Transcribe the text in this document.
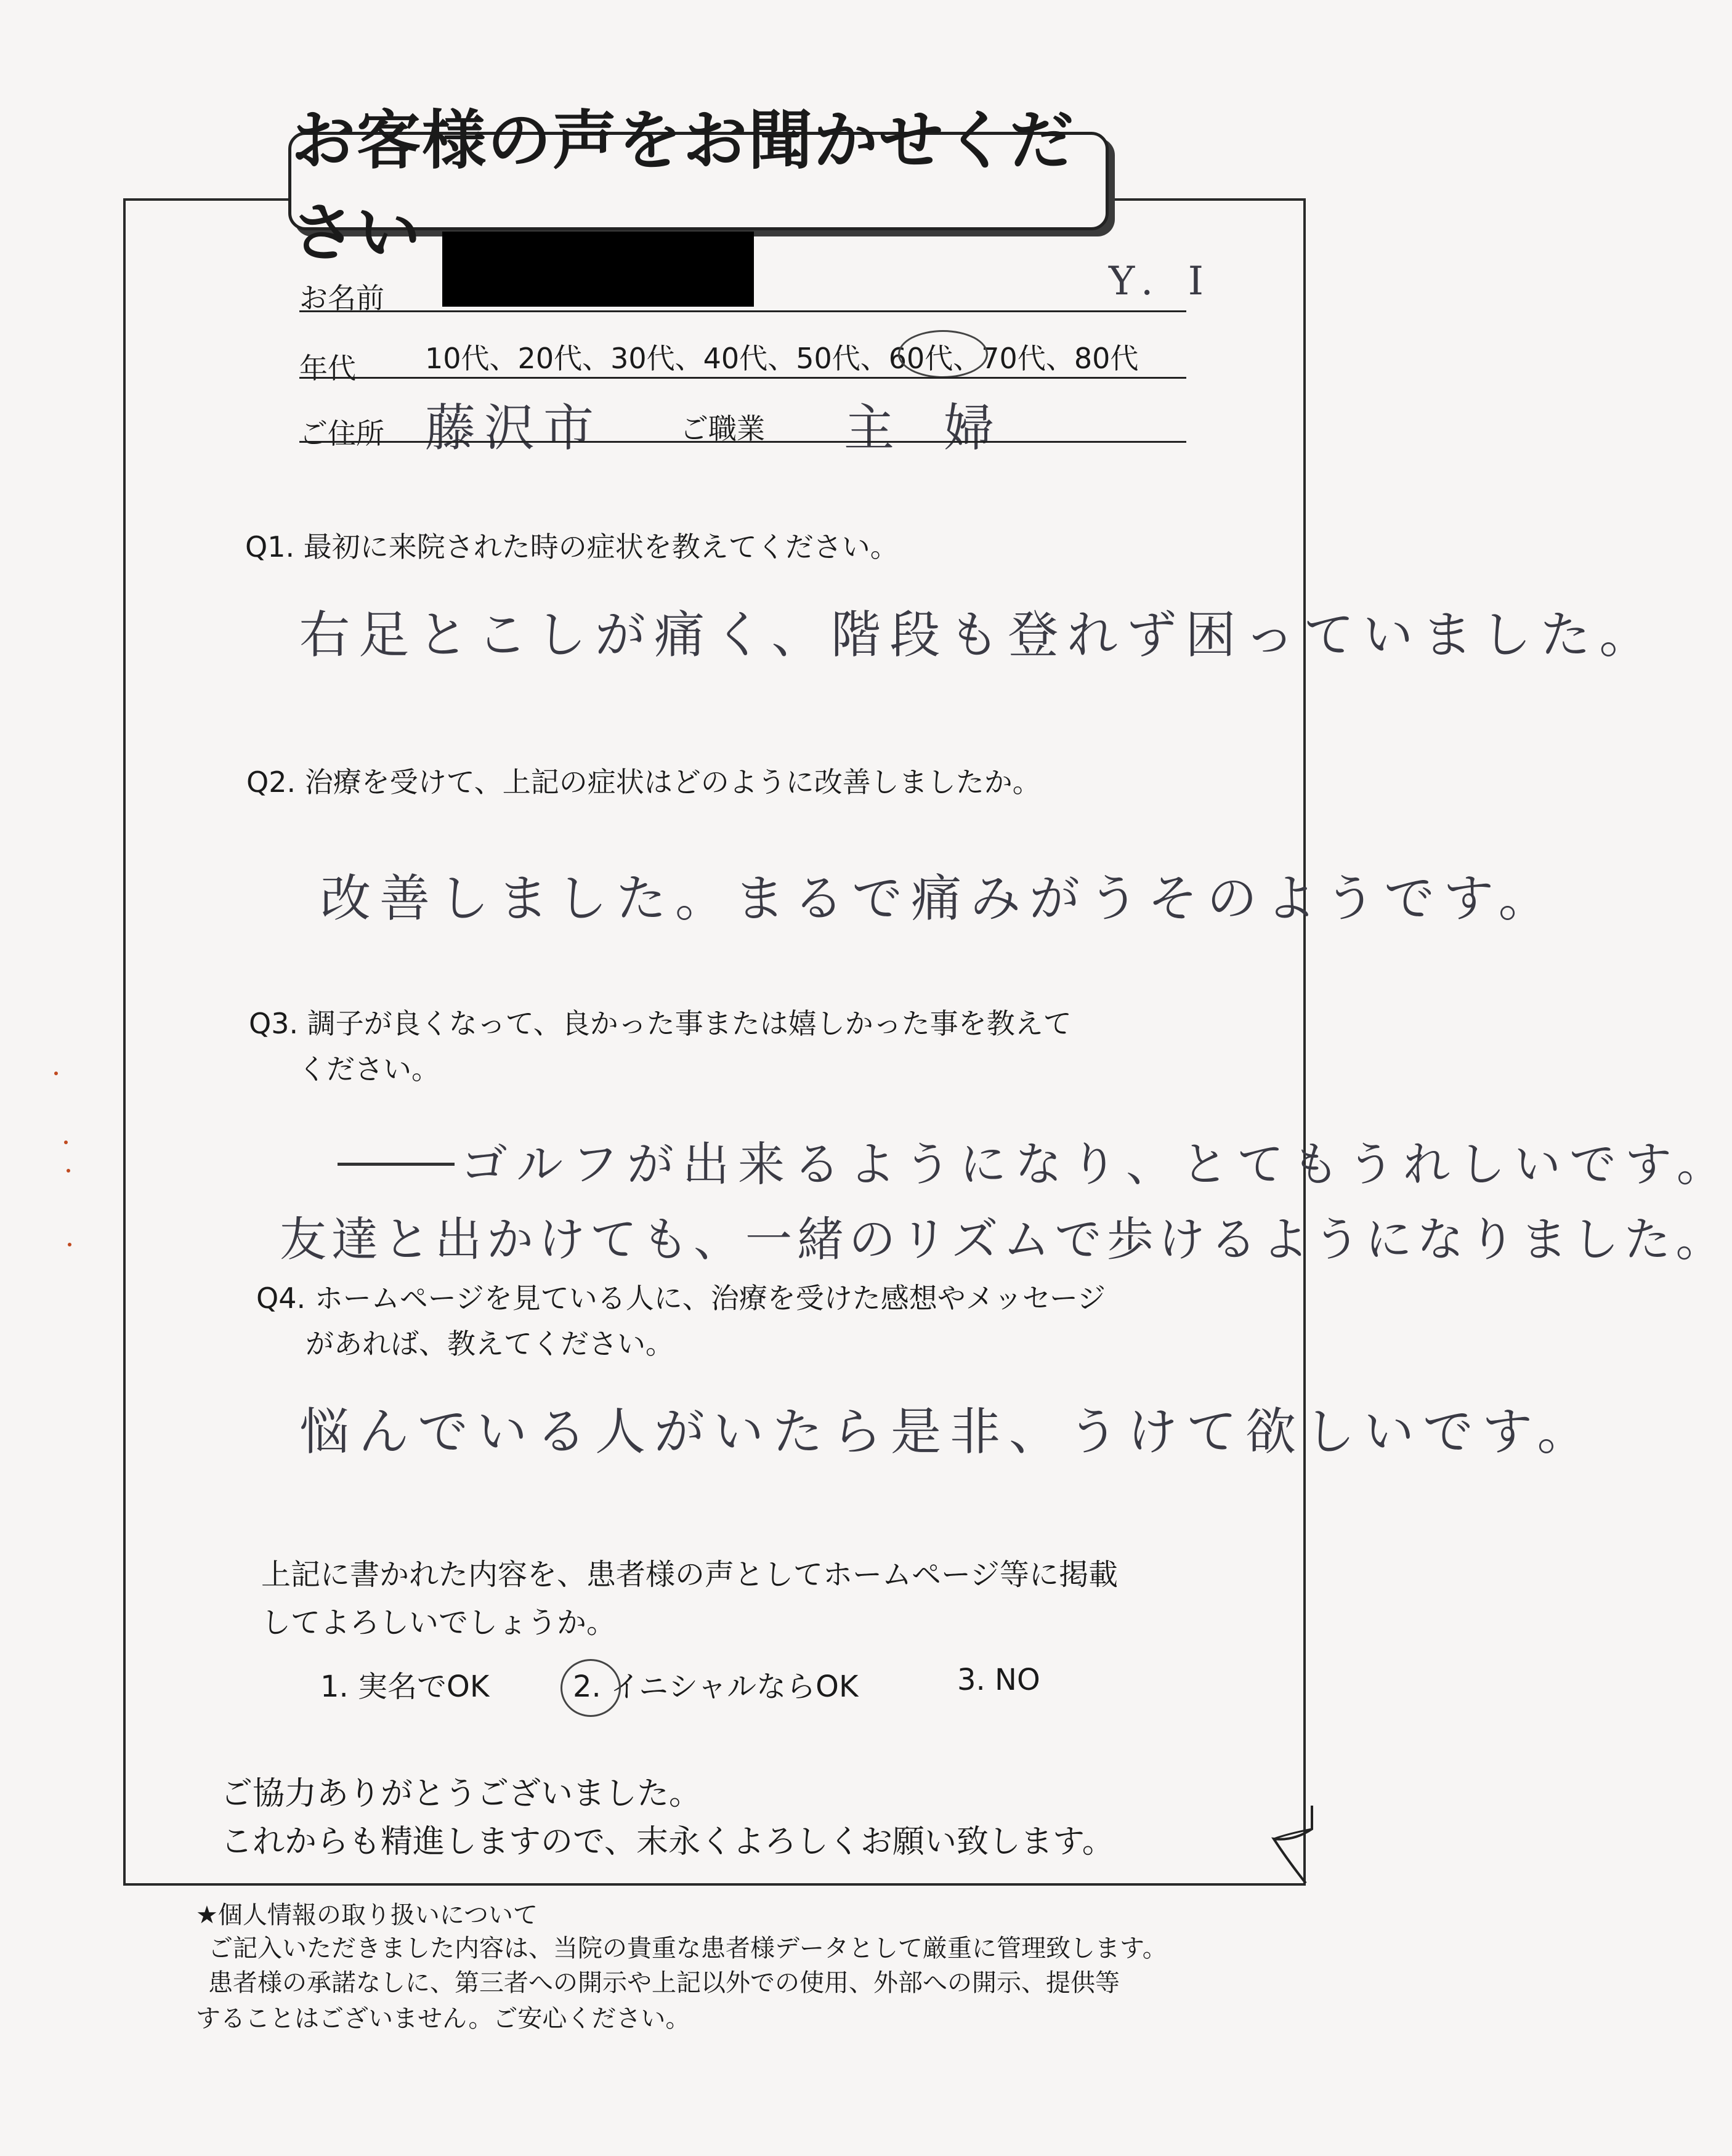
お客様の声をお聞かせください
お名前	Y. I
年代 10代 、 20代 、 30代 、 40代 、 50代 、 60代 、 70代 、 80代
ご住所 藤沢市	ご職業 主婦
Q1. 最初に来院された時の症状を教えてください。
右足とこしが痛く、階段も登れず困っていました。
Q2. 治療を受けて、上記の症状はどのように改善しましたか。
改善しました。まるで痛みがうそのようです。
Q3. 調子が良くなって、良かった事または嬉しかった事を教えて
ください。
ゴルフが出来るようになり、とてもうれしいです。
友達と出かけても、一緒のリズムで歩けるようになりました。
Q4. ホームページを見ている人に、治療を受けた感想やメッセージ
があれば、教えてください。
悩んでいる人がいたら是非、うけて欲しいです。
上記に書かれた内容を、患者様の声としてホームページ等に掲載
してよろしいでしょうか。
1. 実名でOK	2. イニシャルならOK	3. NO
ご協力ありがとうございました。
これからも精進しますので、末永くよろしくお願い致します。
★個人情報の取り扱いについて
ご記入いただきました内容は、当院の貴重な患者様データとして厳重に管理致します。
患者様の承諾なしに、第三者への開示や上記以外での使用、外部への開示、提供等
することはございません。ご安心ください。
